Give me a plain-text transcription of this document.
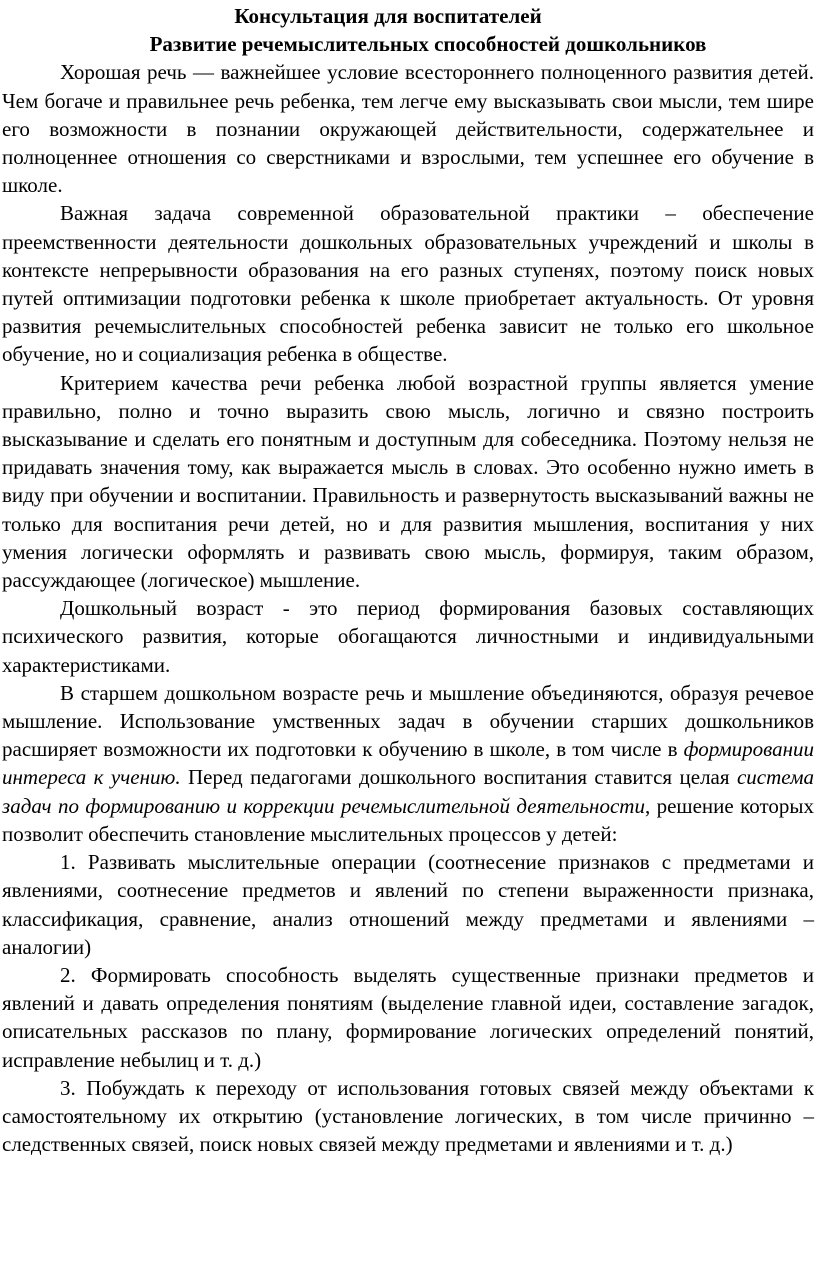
Консультация для воспитателей

Развитие речемыслительных способностей дошкольников

Хорошая речь — важнейшее условие всестороннего полноценного развития детей. Чем богаче и правильнее речь ребенка, тем легче ему высказывать свои мысли, тем шире его возможности в познании окружающей действительности, содержательнее и полноценнее отношения со сверстниками и взрослыми, тем успешнее его обучение в школе.

Важная задача современной образовательной практики – обеспечение преемственности деятельности дошкольных образовательных учреждений и школы в контексте непрерывности образования на его разных ступенях, поэтому поиск новых путей оптимизации подготовки ребенка к школе приобретает актуальность. От уровня развития речемыслительных способностей ребенка зависит не только его школьное обучение, но и социализация ребенка в обществе.

Критерием качества речи ребенка любой возрастной группы является умение правильно, полно и точно выразить свою мысль, логично и связно построить высказывание и сделать его понятным и доступным для собеседника. Поэтому нельзя не придавать значения тому, как выражается мысль в словах. Это особенно нужно иметь в виду при обучении и воспитании. Правильность и развернутость высказываний важны не только для воспитания речи детей, но и для развития мышления, воспитания у них умения логически оформлять и развивать свою мысль, формируя, таким образом, рассуждающее (логическое) мышление.

Дошкольный возраст - это период формирования базовых составляющих психического развития, которые обогащаются личностными и индивидуальными характеристиками.

В старшем дошкольном возрасте речь и мышление объединяются, образуя речевое мышление. Использование умственных задач в обучении старших дошкольников расширяет возможности их подготовки к обучению в школе, в том числе в формировании интереса к учению. Перед педагогами дошкольного воспитания ставится целая система задач по формированию и коррекции речемыслительной деятельности, решение которых позволит обеспечить становление мыслительных процессов у детей:

1. Развивать мыслительные операции (соотнесение признаков с предметами и явлениями, соотнесение предметов и явлений по степени выраженности признака, классификация, сравнение, анализ отношений между предметами и явлениями – аналогии)

2. Формировать способность выделять существенные признаки предметов и явлений и давать определения понятиям (выделение главной идеи, составление загадок, описательных рассказов по плану, формирование логических определений понятий, исправление небылиц и т. д.)

3. Побуждать к переходу от использования готовых связей между объектами к самостоятельному их открытию (установление логических, в том числе причинно – следственных связей, поиск новых связей между предметами и явлениями и т. д.)
